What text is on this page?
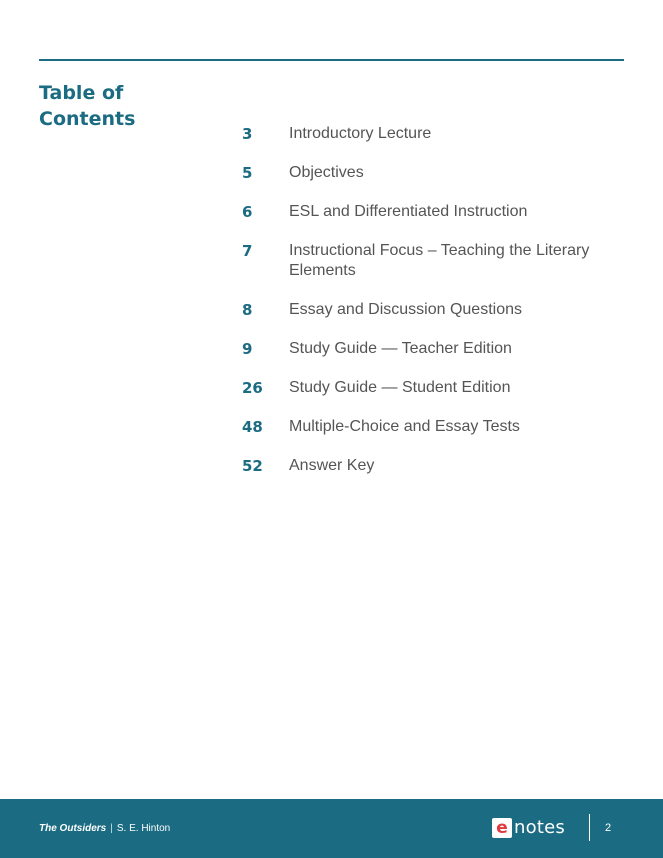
Table of
Contents
3	Introductory Lecture
5	Objectives
6	ESL and Differentiated Instruction
7	Instructional Focus – Teaching the Literary Elements
8	Essay and Discussion Questions
9	Study Guide — Teacher Edition
26	Study Guide — Student Edition
48	Multiple-Choice and Essay Tests
52	Answer Key
The Outsiders | S. E. Hinton	e notes	2
